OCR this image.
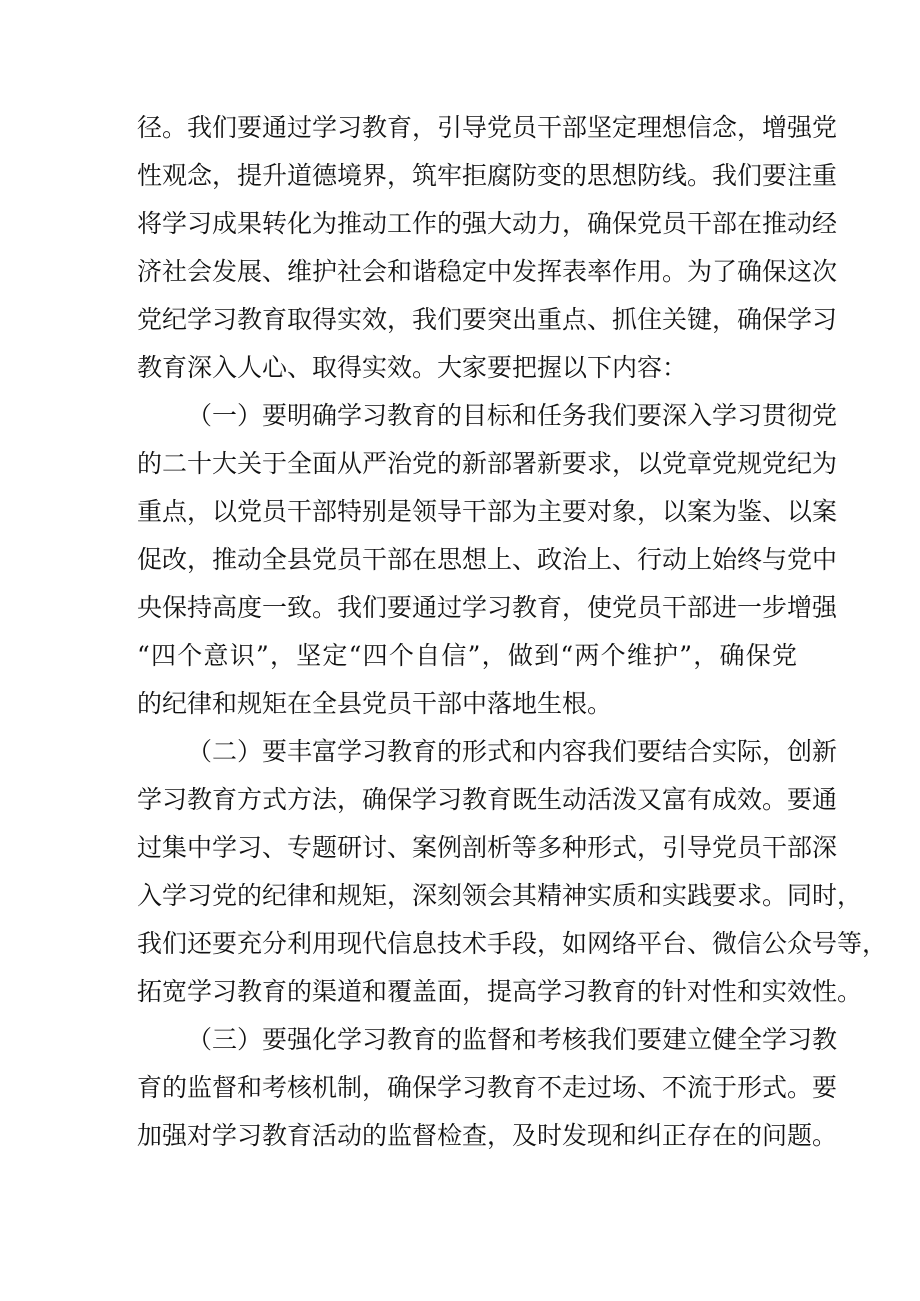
径。我们要通过学习教育，引导党员干部坚定理想信念，增强党
性观念，提升道德境界，筑牢拒腐防变的思想防线。我们要注重
将学习成果转化为推动工作的强大动力，确保党员干部在推动经
济社会发展、维护社会和谐稳定中发挥表率作用。为了确保这次
党纪学习教育取得实效，我们要突出重点、抓住关键，确保学习
教育深入人心、取得实效。大家要把握以下内容：
（一）要明确学习教育的目标和任务我们要深入学习贯彻党
的二十大关于全面从严治党的新部署新要求，以党章党规党纪为
重点，以党员干部特别是领导干部为主要对象，以案为鉴、以案
促改，推动全县党员干部在思想上、政治上、行动上始终与党中
央保持高度一致。我们要通过学习教育，使党员干部进一步增强
“四个意识”，坚定“四个自信”，做到“两个维护”，确保党
的纪律和规矩在全县党员干部中落地生根。
（二）要丰富学习教育的形式和内容我们要结合实际，创新
学习教育方式方法，确保学习教育既生动活泼又富有成效。要通
过集中学习、专题研讨、案例剖析等多种形式，引导党员干部深
入学习党的纪律和规矩，深刻领会其精神实质和实践要求。同时，
我们还要充分利用现代信息技术手段，如网络平台、微信公众号等，
拓宽学习教育的渠道和覆盖面，提高学习教育的针对性和实效性。
（三）要强化学习教育的监督和考核我们要建立健全学习教
育的监督和考核机制，确保学习教育不走过场、不流于形式。要
加强对学习教育活动的监督检查，及时发现和纠正存在的问题。
